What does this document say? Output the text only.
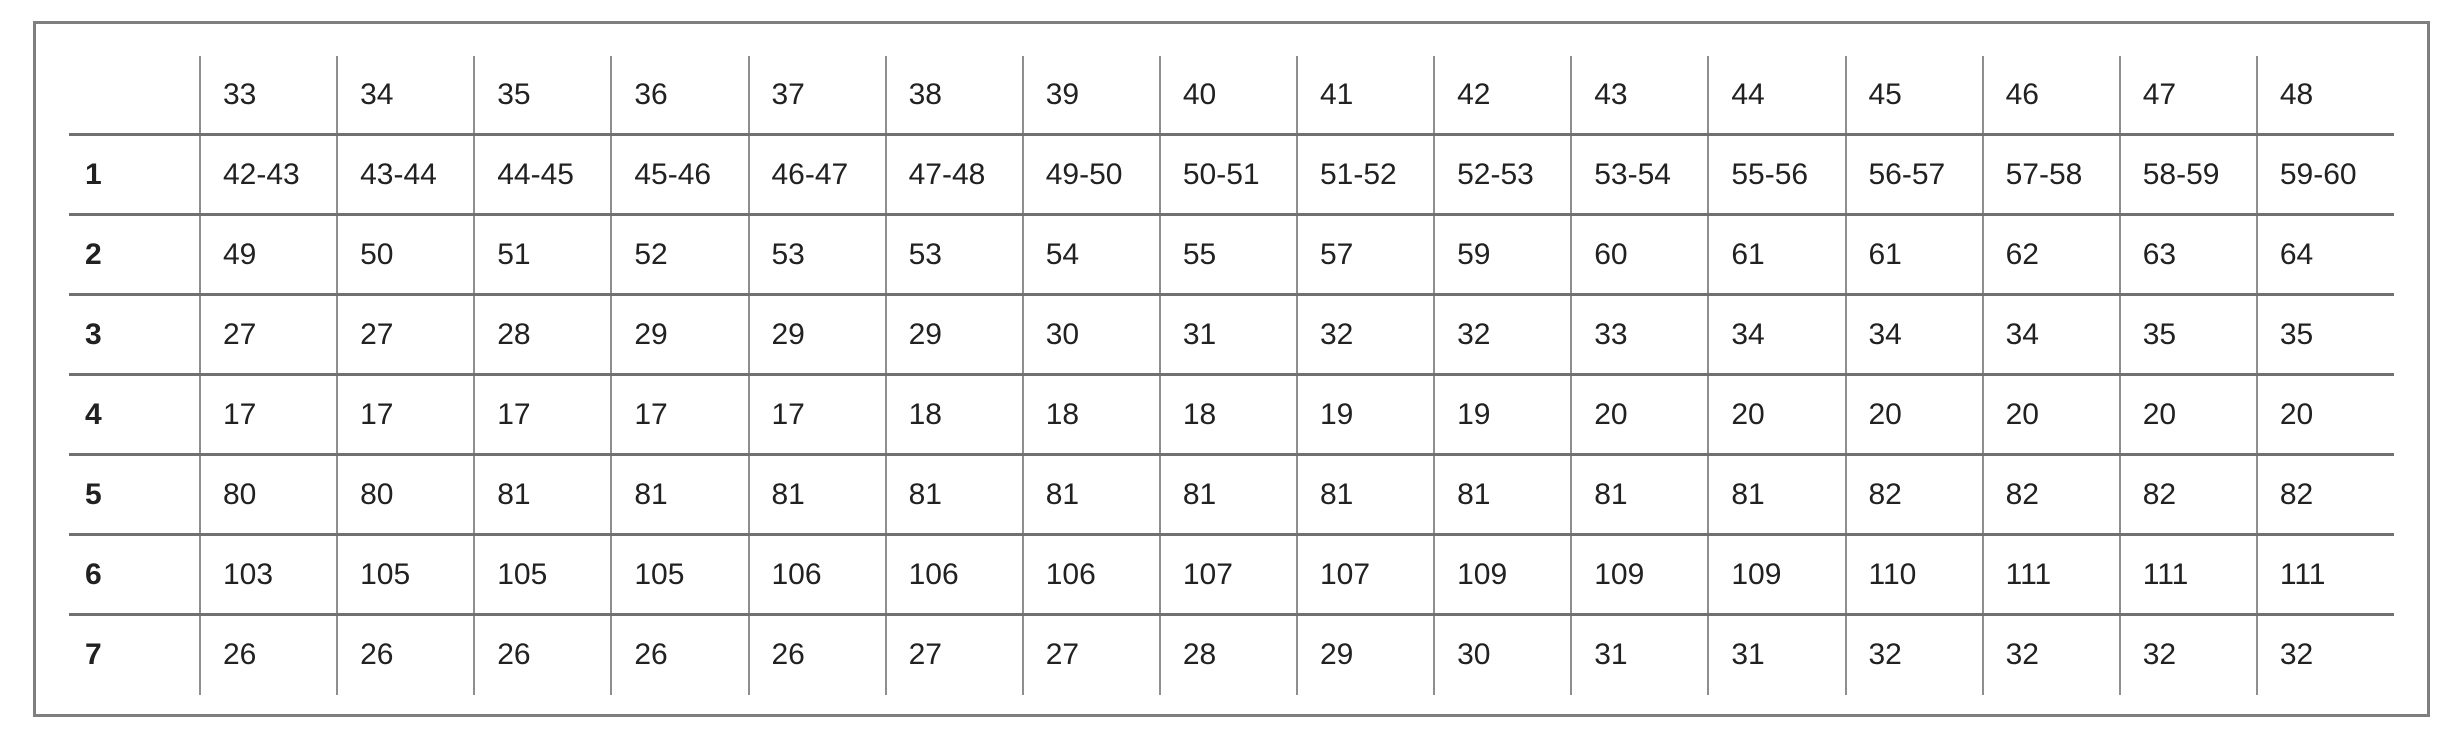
	33	34	35	36	37	38	39	40	41	42	43	44	45	46	47	48
1	42-43	43-44	44-45	45-46	46-47	47-48	49-50	50-51	51-52	52-53	53-54	55-56	56-57	57-58	58-59	59-60
2	49	50	51	52	53	53	54	55	57	59	60	61	61	62	63	64
3	27	27	28	29	29	29	30	31	32	32	33	34	34	34	35	35
4	17	17	17	17	17	18	18	18	19	19	20	20	20	20	20	20
5	80	80	81	81	81	81	81	81	81	81	81	81	82	82	82	82
6	103	105	105	105	106	106	106	107	107	109	109	109	110	111	111	111
7	26	26	26	26	26	27	27	28	29	30	31	31	32	32	32	32
